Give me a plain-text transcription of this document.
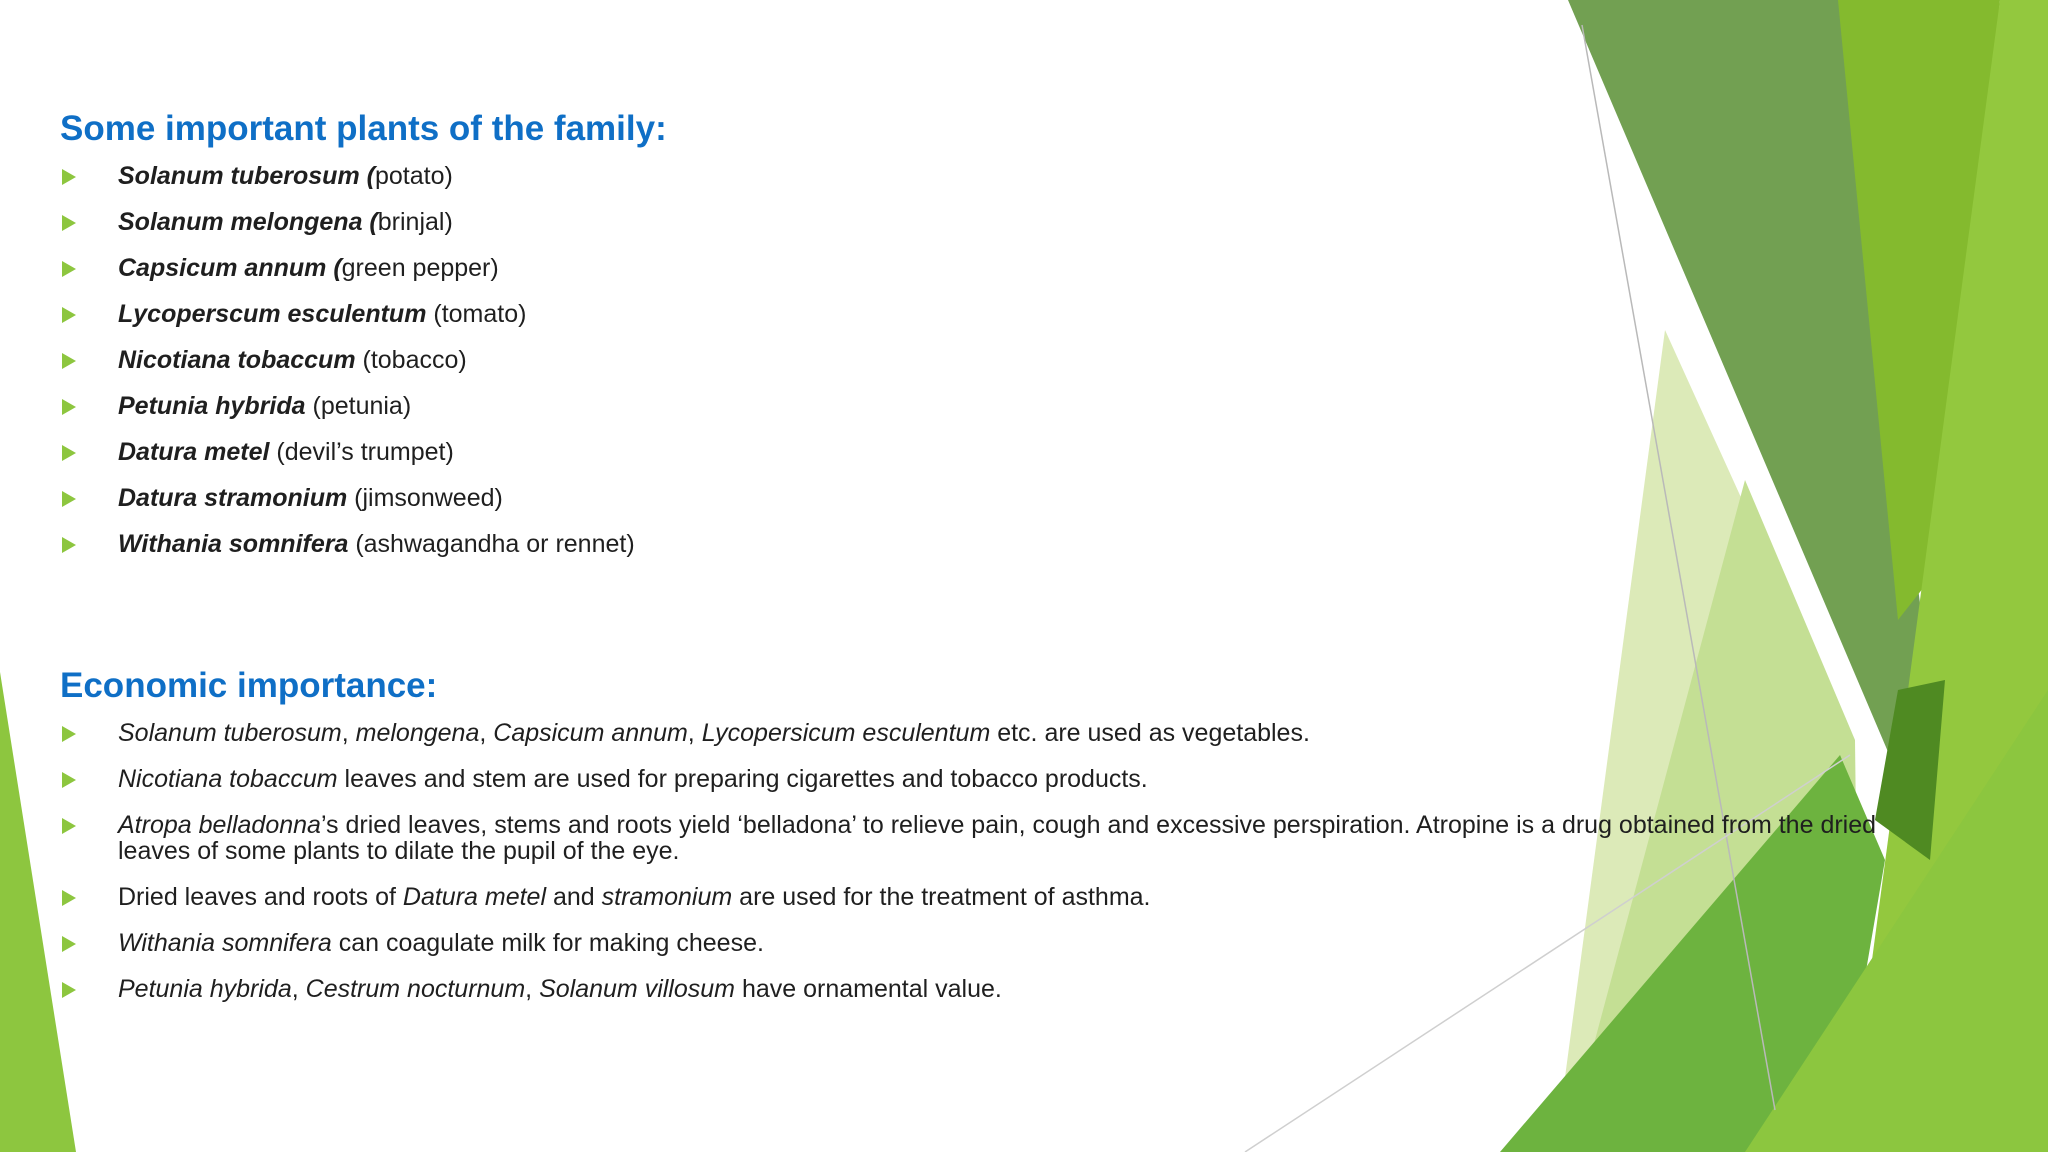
Some important plants of the family:
Solanum tuberosum (potato)
Solanum melongena (brinjal)
Capsicum annum (green pepper)
Lycoperscum esculentum (tomato)
Nicotiana tobaccum (tobacco)
Petunia hybrida (petunia)
Datura metel (devil’s trumpet)
Datura stramonium (jimsonweed)
Withania somnifera (ashwagandha or rennet)
Economic importance:
Solanum tuberosum, melongena, Capsicum annum, Lycopersicum esculentum etc. are used as vegetables.
Nicotiana tobaccum leaves and stem are used for preparing cigarettes and tobacco products.
Atropa belladonna’s dried leaves, stems and roots yield ‘belladona’ to relieve pain, cough and excessive perspiration. Atropine is a drug obtained from the dried leaves of some plants to dilate the pupil of the eye.
Dried leaves and roots of Datura metel and stramonium are used for the treatment of asthma.
Withania somnifera can coagulate milk for making cheese.
Petunia hybrida, Cestrum nocturnum, Solanum villosum have ornamental value.
